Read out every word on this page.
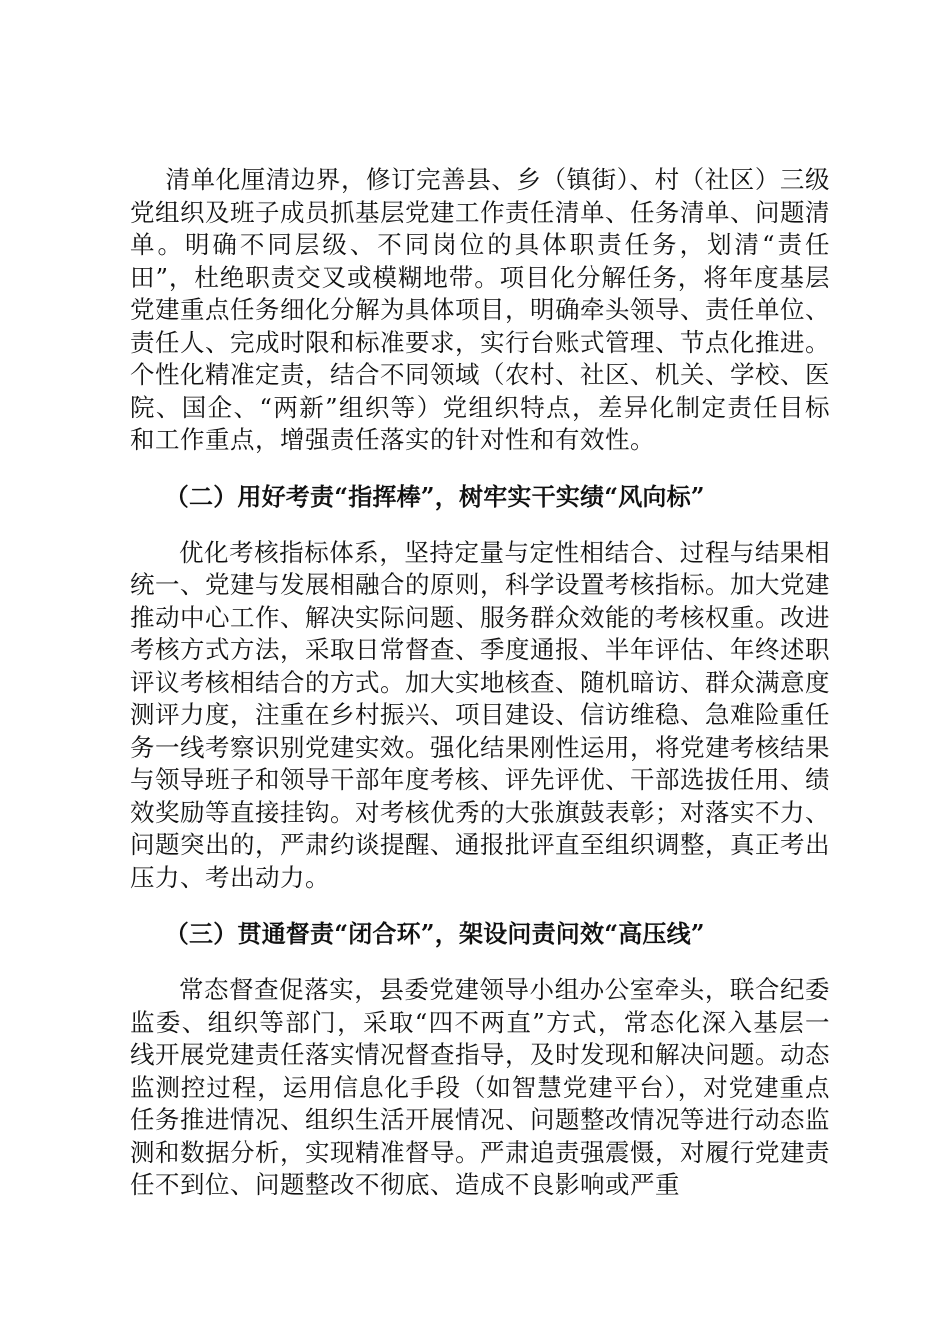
清单化厘清边界，修订完善县、乡（镇街）、村（社区）三级党组织及班子成员抓基层党建工作责任清单、任务清单、问题清单。明确不同层级、不同岗位的具体职责任务，划清“责任田”，杜绝职责交叉或模糊地带。项目化分解任务，将年度基层党建重点任务细化分解为具体项目，明确牵头领导、责任单位、责任人、完成时限和标准要求，实行台账式管理、节点化推进。个性化精准定责，结合不同领域（农村、社区、机关、学校、医院、国企、“两新”组织等）党组织特点，差异化制定责任目标和工作重点，增强责任落实的针对性和有效性。

（二）用好考责“指挥棒”，树牢实干实绩“风向标”

优化考核指标体系，坚持定量与定性相结合、过程与结果相统一、党建与发展相融合的原则，科学设置考核指标。加大党建推动中心工作、解决实际问题、服务群众效能的考核权重。改进考核方式方法，采取日常督查、季度通报、半年评估、年终述职评议考核相结合的方式。加大实地核查、随机暗访、群众满意度测评力度，注重在乡村振兴、项目建设、信访维稳、急难险重任务一线考察识别党建实效。强化结果刚性运用，将党建考核结果与领导班子和领导干部年度考核、评先评优、干部选拔任用、绩效奖励等直接挂钩。对考核优秀的大张旗鼓表彰；对落实不力、问题突出的，严肃约谈提醒、通报批评直至组织调整，真正考出压力、考出动力。

（三）贯通督责“闭合环”，架设问责问效“高压线”

常态督查促落实，县委党建领导小组办公室牵头，联合纪委监委、组织等部门，采取“四不两直”方式，常态化深入基层一线开展党建责任落实情况督查指导，及时发现和解决问题。动态监测控过程，运用信息化手段（如智慧党建平台），对党建重点任务推进情况、组织生活开展情况、问题整改情况等进行动态监测和数据分析，实现精准督导。严肃追责强震慑，对履行党建责任不到位、问题整改不彻底、造成不良影响或严重
